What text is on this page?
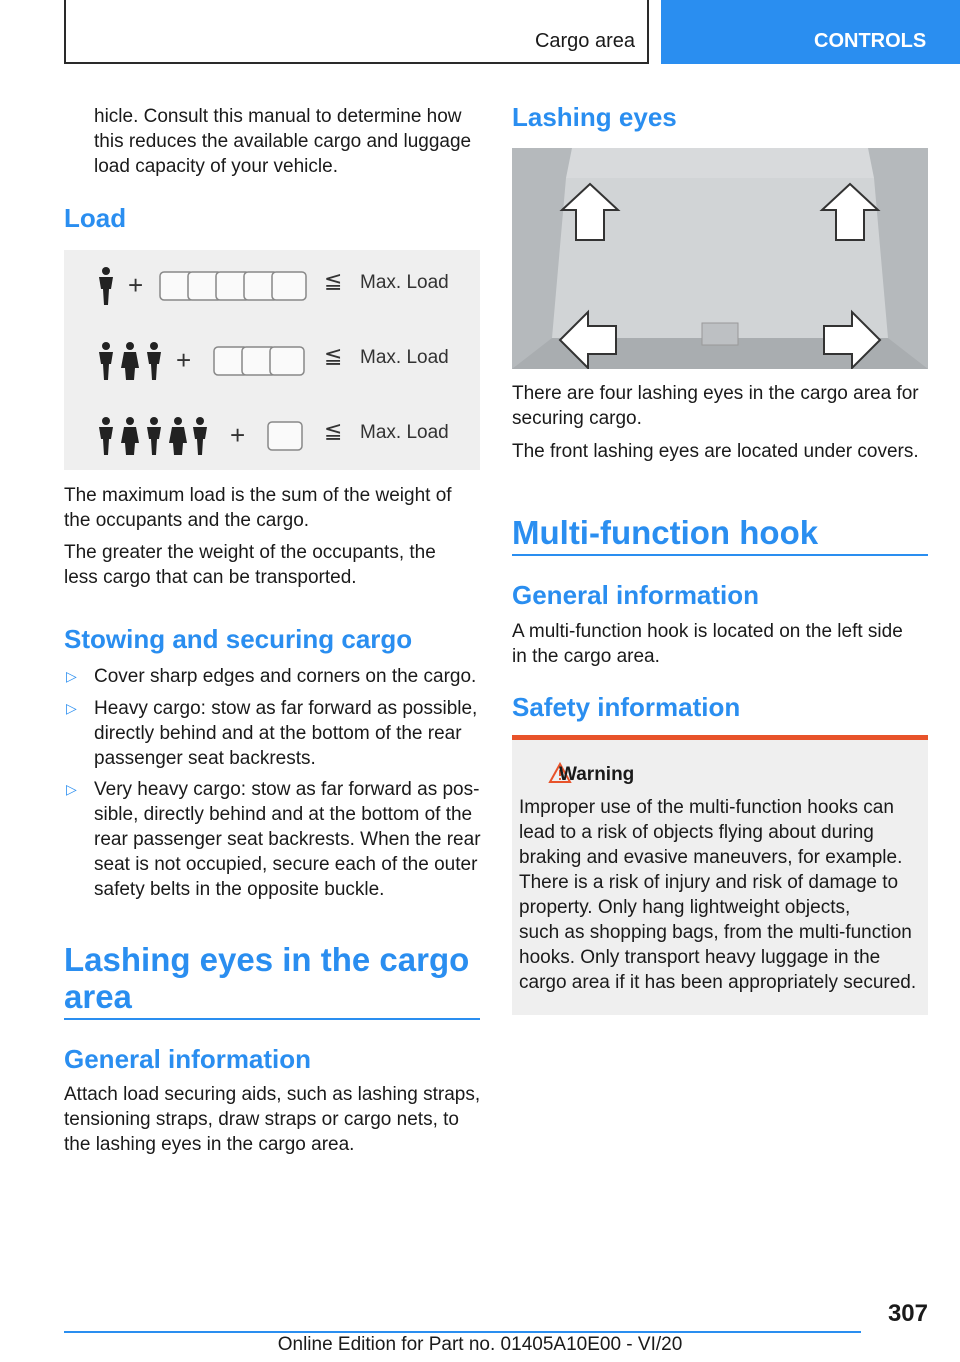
Cargo area	CONTROLS

hicle. Consult this manual to determine how

this reduces the available cargo and luggage

load capacity of your vehicle.

Load
+	≦ Max. Load
+	≦ Max. Load
+	≦ Max. Load

The maximum load is the sum of the weight of

the occupants and the cargo.

The greater the weight of the occupants, the

less cargo that can be transported.

Stowing and securing cargo
▷ Cover sharp edges and corners on the cargo.

▷ Heavy cargo: stow as far forward as possible,

directly behind and at the bottom of the rear

passenger seat backrests.

▷ Very heavy cargo: stow as far forward as pos‐

sible, directly behind and at the bottom of the

rear passenger seat backrests. When the rear

seat is not occupied, secure each of the outer

safety belts in the opposite buckle.

Lashing eyes in the cargo
area
General information

Attach load securing aids, such as lashing straps,

tensioning straps, draw straps or cargo nets, to

the lashing eyes in the cargo area.

Lashing eyes

There are four lashing eyes in the cargo area for

securing cargo.

The front lashing eyes are located under covers.

Multi-function hook
General information

A multi-function hook is located on the left side

in the cargo area.

Safety information
Warning

Improper use of the multi-function hooks can

lead to a risk of objects flying about during

braking and evasive maneuvers, for example.

There is a risk of injury and risk of damage to

property. Only hang lightweight objects,

such as shopping bags, from the multi-function

hooks. Only transport heavy luggage in the

cargo area if it has been appropriately secured.

307
Online Edition for Part no. 01405A10E00 - VI/20
